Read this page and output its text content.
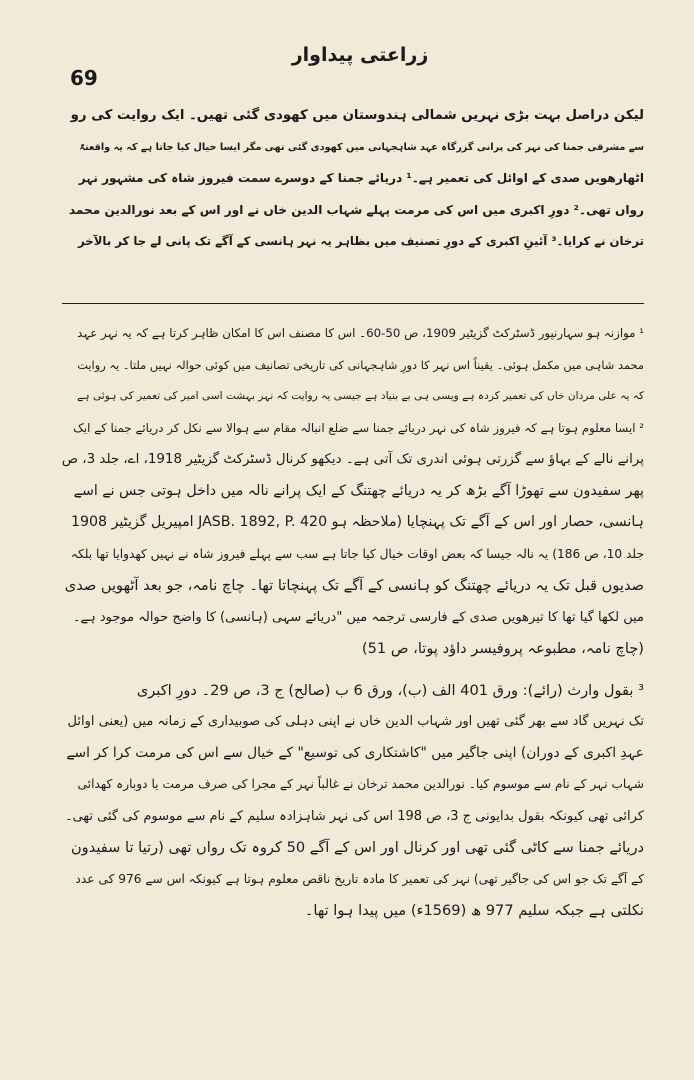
69
زراعتی پیداوار
لیکن دراصل بہت بڑی نہریں شمالی ہندوستان میں کھودی گئی تھیں۔ ایک روایت کی رو
سے مشرقی جمنا کی نہر کی پرانی گزرگاہ عہد شاہجہانی میں کھودی گئی تھی مگر ایسا خیال کیا جاتا ہے کہ یہ واقعتہً
اٹھارھویں صدی کے اوائل کی تعمیر ہے۔¹ دریائے جمنا کے دوسرے سمت فیروز شاہ کی مشہور نہر
رواں تھی۔² دورِ اکبری میں اس کی مرمت پہلے شہاب الدین خاں نے اور اس کے بعد نورالدین محمد
ترخان نے کرایا۔³ آئینِ اکبری کے دورِ تصنیف میں بظاہر یہ نہر ہانسی کے آگے تک پانی لے جا کر بالآخر
¹ موازنہ ہو سہارنپور ڈسٹرکٹ گزیٹیر 1909، ص 50-60۔ اس کا مصنف اس کا امکان ظاہر کرتا ہے کہ یہ نہر عہد
محمد شاہی میں مکمل ہوئی۔ یقیناً اس نہر کا دورِ شاہجہانی کی تاریخی تصانیف میں کوئی حوالہ نہیں ملتا۔ یہ روایت
کہ یہ علی مردان خاں کی تعمیر کردہ ہے ویسی ہی بے بنیاد ہے جیسی یہ روایت کہ نہر بہشت اسی امیر کی تعمیر کی ہوئی ہے
² ایسا معلوم ہوتا ہے کہ فیروز شاہ کی نہر دریائے جمنا سے ضلع انبالہ مقام سے ہوالا سے نکل کر دریائے جمنا کے ایک
پرانے نالے کے بہاؤ سے گزرتی ہوئی اندری تک آتی ہے۔ دیکھو کرنال ڈسٹرکٹ گزیٹیر 1918، اے، جلد 3، ص
پھر سفیدون سے تھوڑا آگے بڑھ کر یہ دریائے چھتنگ کے ایک پرانے نالہ میں داخل ہوتی جس نے اسے
ہانسی، حصار اور اس کے آگے تک پہنچایا (ملاحظہ ہو JASB. 1892, P. 420 امپیریل گزیٹیر 1908
جلد 10، ص 186) یہ نالہ جیسا کہ بعض اوقات خیال کیا جاتا ہے سب سے پہلے فیروز شاہ نے نہیں کھدوایا تھا بلکہ
صدیوں قبل تک یہ دریائے چھتنگ کو ہانسی کے آگے تک پہنچاتا تھا۔ چاچ نامہ، جو بعد آٹھویں صدی
میں لکھا گیا تھا کا تیرھویں صدی کے فارسی ترجمہ میں "دریائے سہی (ہانسی) کا واضح حوالہ موجود ہے۔
(چاچ نامہ، مطبوعہ پروفیسر داؤد پوتا، ص 51)
³ بقول وارث (رائے): ورق 401 الف (ب)، ورق 6 ب (صالح) ج 3، ص 29۔ دورِ اکبری
تک نہریں گاد سے بھر گئی تھیں اور شہاب الدین خاں نے اپنی دہلی کی صوبیداری کے زمانہ میں (یعنی اوائل
عہدِ اکبری کے دوران) اپنی جاگیر میں "کاشتکاری کی توسیع" کے خیال سے اس کی مرمت کرا کر اسے
شہاب نہر کے نام سے موسوم کیا۔ نورالدین محمد ترخان نے غالباً نہر کے مجرا کی صرف مرمت یا دوبارہ کھدائی
کرائی تھی کیونکہ بقول بدایونی ج 3، ص 198 اس کی نہر شاہزادہ سلیم کے نام سے موسوم کی گئی تھی۔
دریائے جمنا سے کاٹی گئی تھی اور کرنال اور اس کے آگے 50 کروہ تک رواں تھی (رتیا تا سفیدون
کے آگے تک جو اس کی جاگیر تھی) نہر کی تعمیر کا مادہ تاریخ ناقص معلوم ہوتا ہے کیونکہ اس سے 976 کی عدد
نکلتی ہے جبکہ سلیم 977 ھ (1569ء) میں پیدا ہوا تھا۔
